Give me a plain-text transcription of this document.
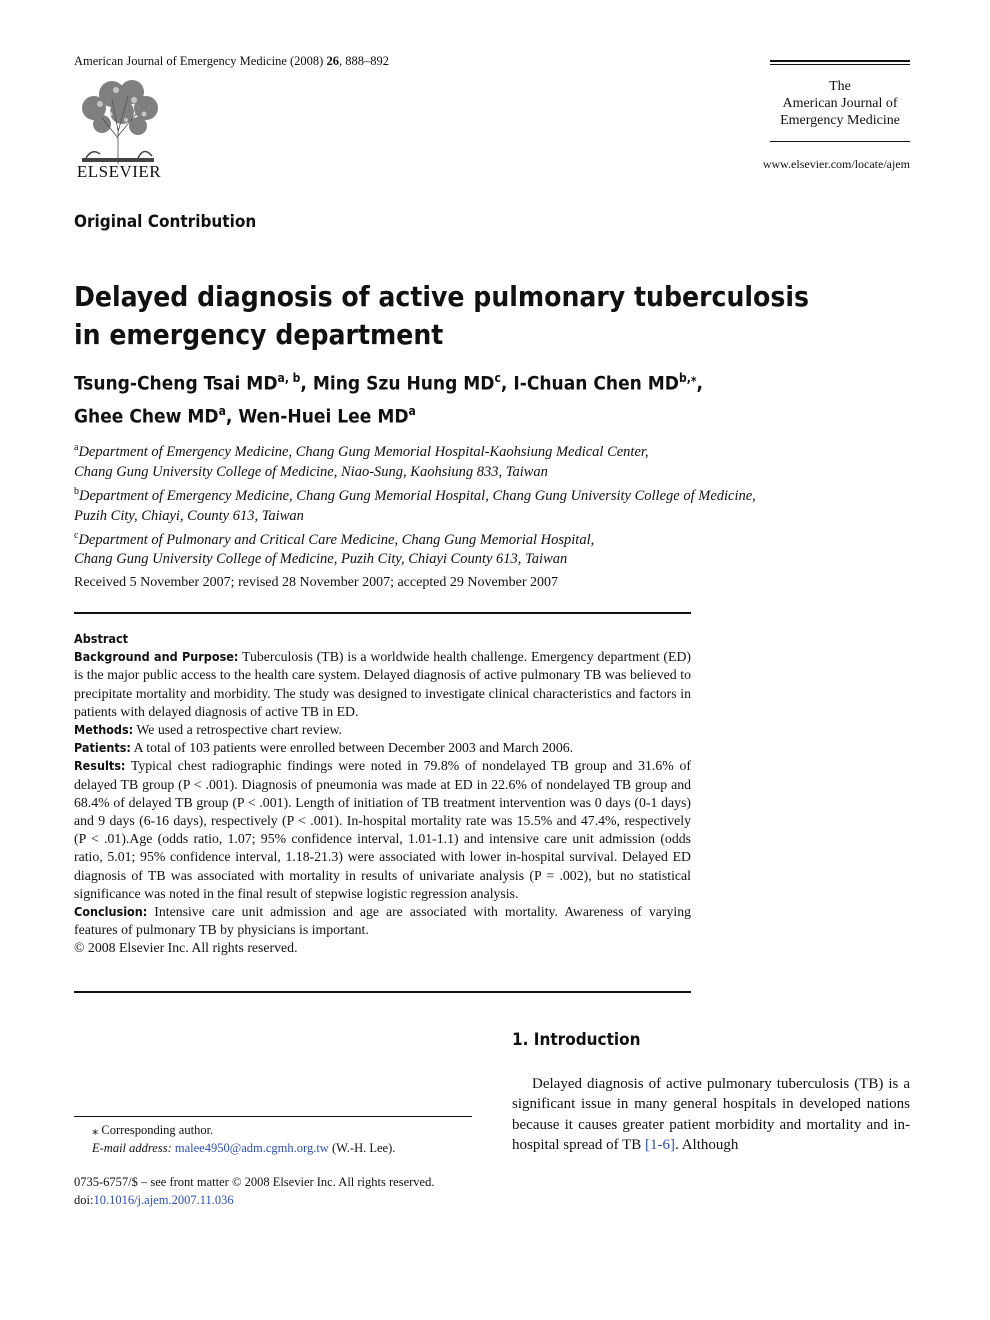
American Journal of Emergency Medicine (2008) 26, 888–892
ELSEVIER
The
American Journal of
Emergency Medicine
www.elsevier.com/locate/ajem
Original Contribution
Delayed diagnosis of active pulmonary tuberculosis
in emergency department
Tsung-Cheng Tsai MD$^{a, b}$, Ming Szu Hung $MD^c$, I-Chuan Chen $MD^{b,⁎}$,
Ghee Chew $MD^a$, Wen-Huei Lee $MD^a$
$^a$Department of Emergency Medicine, Chang Gung Memorial Hospital-Kaohsiung Medical Center,
Chang Gung University College of Medicine, Niao-Sung, Kaohsiung 833, Taiwan
$^b$Department of Emergency Medicine, Chang Gung Memorial Hospital, Chang Gung University College of Medicine,
Puzih City, Chiayi, County 613, Taiwan
$^c$Department of Pulmonary and Critical Care Medicine, Chang Gung Memorial Hospital,
Chang Gung University College of Medicine, Puzih City, Chiayi County 613, Taiwan
Received 5 November 2007; revised 28 November 2007; accepted 29 November 2007

Abstract

Background and Purpose: Tuberculosis (TB) is a worldwide health challenge. Emergency department (ED) is the major public access to the health care system. Delayed diagnosis of active pulmonary TB was believed to precipitate mortality and morbidity. The study was designed to investigate clinical characteristics and factors in patients with delayed diagnosis of active TB in ED.

Methods: We used a retrospective chart review.

Patients: A total of 103 patients were enrolled between December 2003 and March 2006.

Results: Typical chest radiographic findings were noted in 79.8% of nondelayed TB group and 31.6% of delayed TB group (P < .001). Diagnosis of pneumonia was made at ED in 22.6% of nondelayed TB group and 68.4% of delayed TB group (P < .001). Length of initiation of TB treatment intervention was 0 days (0-1 days) and 9 days (6-16 days), respectively (P < .001). In-hospital mortality rate was 15.5% and 47.4%, respectively (P < .01).Age (odds ratio, 1.07; 95% confidence interval, 1.01-1.1) and intensive care unit admission (odds ratio, 5.01; 95% confidence interval, 1.18-21.3) were associated with lower in-hospital survival. Delayed ED diagnosis of TB was associated with mortality in results of univariate analysis (P = .002), but no statistical significance was noted in the final result of stepwise logistic regression analysis.

Conclusion: Intensive care unit admission and age are associated with mortality. Awareness of varying features of pulmonary TB by physicians is important.

© 2008 Elsevier Inc. All rights reserved.

1. Introduction
Delayed diagnosis of active pulmonary tuberculosis (TB) is a significant issue in many general hospitals in developed nations because it causes greater patient morbidity and mortality and in-hospital spread of TB [1-6]. Although
⁎ Corresponding author.
E-mail address: malee4950@adm.cgmh.org.tw (W.-H. Lee).
0735-6757/$ – see front matter © 2008 Elsevier Inc. All rights reserved.
doi:10.1016/j.ajem.2007.11.036
